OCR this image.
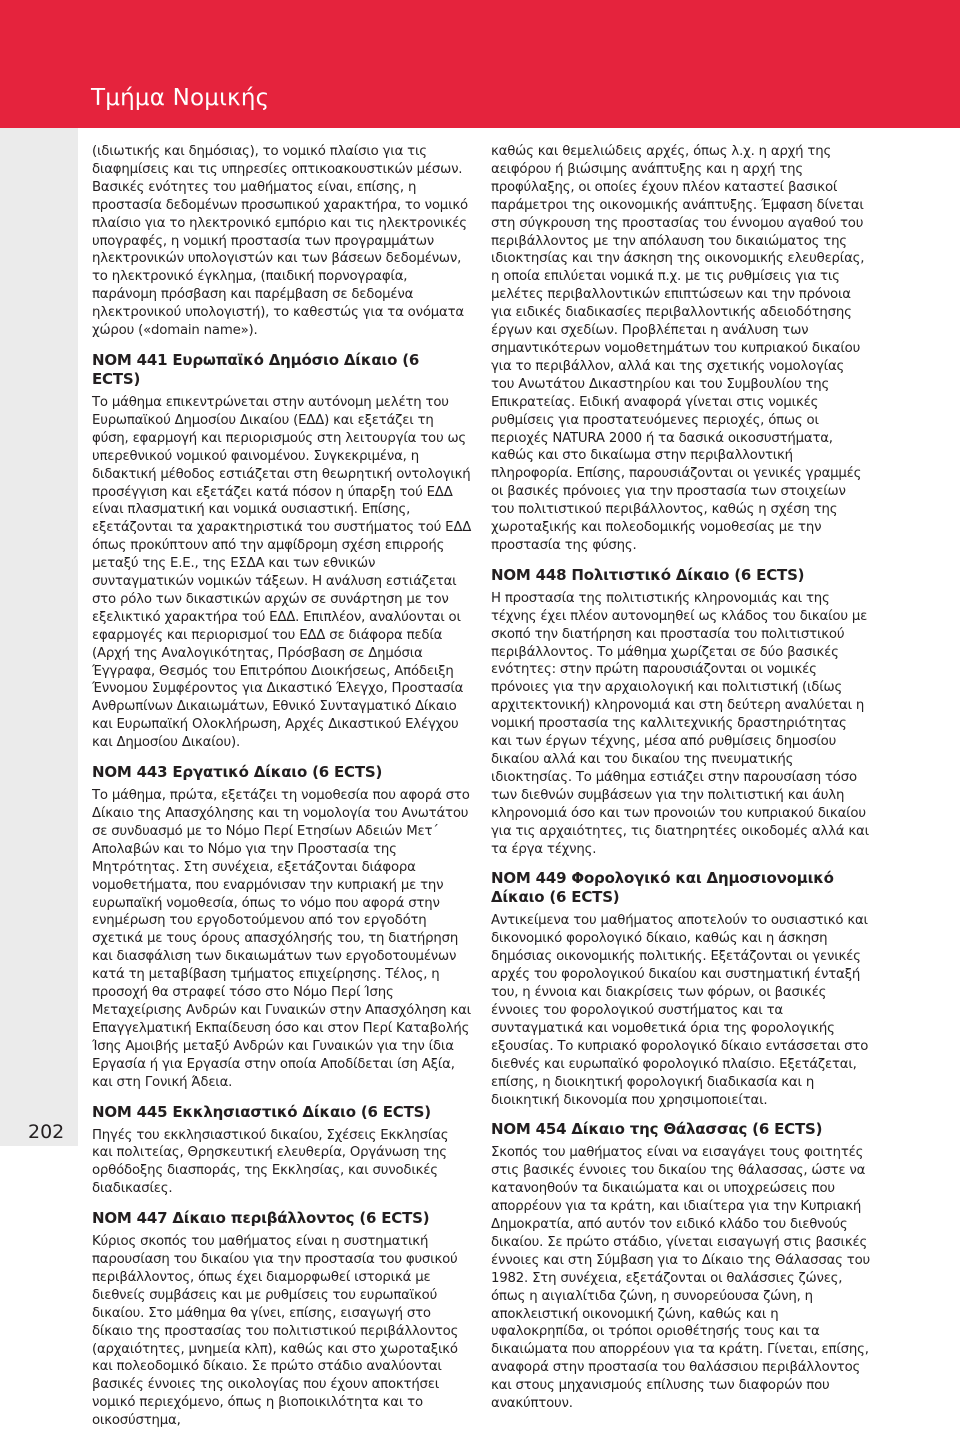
Τμήμα Νομικής
202

(ιδιωτικής και δημόσιας), το νομικό πλαίσιο για τις διαφημίσεις και τις υπηρεσίες οπτικοακουστικών μέσων. Βασικές ενότητες του μαθήματος είναι, επίσης, η προστασία δεδομένων προσωπικού χαρακτήρα, το νομικό πλαίσιο για το ηλεκτρονικό εμπόριο και τις ηλεκτρονικές υπογραφές, η νομική προστασία των προγραμμάτων ηλεκτρονικών υπολογιστών και των βάσεων δεδομένων, το ηλεκτρονικό έγκλημα, (παιδική πορνογραφία, παράνομη πρόσβαση και παρέμβαση σε δεδομένα ηλεκτρονικού υπολογιστή), το καθεστώς για τα ονόματα χώρου («domain name»).

ΝΟΜ 441 Ευρωπαϊκό Δημόσιο Δίκαιο (6 ECTS)

Το μάθημα επικεντρώνεται στην αυτόνομη μελέτη του Ευρωπαϊκού Δημοσίου Δικαίου (ΕΔΔ) και εξετάζει τη φύση, εφαρμογή και περιορισμούς στη λειτουργία του ως υπερεθνικού νομικού φαινομένου. Συγκεκριμένα, η διδακτική μέθοδος εστιάζεται στη θεωρητική οντολογική προσέγγιση και εξετάζει κατά πόσον η ύπαρξη τού ΕΔΔ είναι πλασματική και νομικά ουσιαστική. Επίσης, εξετάζονται τα χαρακτηριστικά του συστήματος τού ΕΔΔ όπως προκύπτουν από την αμφίδρομη σχέση επιρροής μεταξύ της Ε.Ε., της ΕΣΔΑ και των εθνικών συνταγματικών νομικών τάξεων. Η ανάλυση εστιάζεται στο ρόλο των δικαστικών αρχών σε συνάρτηση με τον εξελικτικό χαρακτήρα τού ΕΔΔ. Επιπλέον, αναλύονται οι εφαρμογές και περιορισμοί του ΕΔΔ σε διάφορα πεδία (Αρχή της Αναλογικότητας, Πρόσβαση σε Δημόσια Έγγραφα, Θεσμός του Επιτρόπου Διοικήσεως, Απόδειξη Έννομου Συμφέροντος για Δικαστικό Έλεγχο, Προστασία Ανθρωπίνων Δικαιωμάτων, Εθνικό Συνταγματικό Δίκαιο και Ευρωπαϊκή Ολοκλήρωση, Αρχές Δικαστικού Ελέγχου και Δημοσίου Δικαίου).

ΝΟΜ 443 Εργατικό Δίκαιο (6 ECTS)

Το μάθημα, πρώτα, εξετάζει τη νομοθεσία που αφορά στο Δίκαιο της Απασχόλησης και τη νομολογία του Ανωτάτου σε συνδυασμό με το Νόμο Περί Ετησίων Αδειών Μετ΄ Απολαβών και το Νόμο για την Προστασία της Μητρότητας. Στη συνέχεια, εξετάζονται διάφορα νομοθετήματα, που εναρμόνισαν την κυπριακή με την ευρωπαϊκή νομοθεσία, όπως το νόμο που αφορά στην ενημέρωση του εργοδοτούμενου από τον εργοδότη σχετικά με τους όρους απασχόλησής του, τη διατήρηση και διασφάλιση των δικαιωμάτων των εργοδοτουμένων κατά τη μεταβίβαση τμήματος επιχείρησης. Τέλος, η προσοχή θα στραφεί τόσο στο Νόμο Περί Ίσης Μεταχείρισης Ανδρών και Γυναικών στην Απασχόληση και Επαγγελματική Εκπαίδευση όσο και στον Περί Καταβολής Ίσης Αμοιβής μεταξύ Ανδρών και Γυναικών για την ίδια Εργασία ή για Εργασία στην οποία Αποδίδεται ίση Αξία, και στη Γονική Άδεια.

ΝΟΜ 445 Εκκλησιαστικό Δίκαιο (6 ECTS)

Πηγές του εκκλησιαστικού δικαίου, Σχέσεις Εκκλησίας και πολιτείας, Θρησκευτική ελευθερία, Οργάνωση της ορθόδοξης διασποράς, της Εκκλησίας, και συνοδικές διαδικασίες.

ΝΟΜ 447 Δίκαιο περιβάλλοντος (6 ECTS)

Κύριος σκοπός του μαθήματος είναι η συστηματική παρουσίαση του δικαίου για την προστασία του φυσικού περιβάλλοντος, όπως έχει διαμορφωθεί ιστορικά με διεθνείς συμβάσεις και με ρυθμίσεις του ευρωπαϊκού δικαίου. Στο μάθημα θα γίνει, επίσης, εισαγωγή στο δίκαιο της προστασίας του πολιτιστικού περιβάλλοντος (αρχαιότητες, μνημεία κλπ), καθώς και στο χωροταξικό και πολεοδομικό δίκαιο. Σε πρώτο στάδιο αναλύονται βασικές έννοιες της οικολογίας που έχουν αποκτήσει νομικό περιεχόμενο, όπως η βιοποικιλότητα και το οικοσύστημα,

καθώς και θεμελιώδεις αρχές, όπως λ.χ. η αρχή της αειφόρου ή βιώσιμης ανάπτυξης και η αρχή της προφύλαξης, οι οποίες έχουν πλέον καταστεί βασικοί παράμετροι της οικονομικής ανάπτυξης. Έμφαση δίνεται στη σύγκρουση της προστασίας του έννομου αγαθού του περιβάλλοντος με την απόλαυση του δικαιώματος της ιδιοκτησίας και την άσκηση της οικονομικής ελευθερίας, η οποία επιλύεται νομικά π.χ. με τις ρυθμίσεις για τις μελέτες περιβαλλοντικών επιπτώσεων και την πρόνοια για ειδικές διαδικασίες περιβαλλοντικής αδειοδότησης έργων και σχεδίων. Προβλέπεται η ανάλυση των σημαντικότερων νομοθετημάτων του κυπριακού δικαίου για το περιβάλλον, αλλά και της σχετικής νομολογίας του Ανωτάτου Δικαστηρίου και του Συμβουλίου της Επικρατείας. Ειδική αναφορά γίνεται στις νομικές ρυθμίσεις για προστατευόμενες περιοχές, όπως οι περιοχές NATURA 2000 ή τα δασικά οικοσυστήματα, καθώς και στο δικαίωμα στην περιβαλλοντική πληροφορία. Επίσης, παρουσιάζονται οι γενικές γραμμές οι βασικές πρόνοιες για την προστασία των στοιχείων του πολιτιστικού περιβάλλοντος, καθώς η σχέση της χωροταξικής και πολεοδομικής νομοθεσίας με την προστασία της φύσης.

ΝΟΜ 448 Πολιτιστικό Δίκαιο (6 ECTS)

Η προστασία της πολιτιστικής κληρονομιάς και της τέχνης έχει πλέον αυτονομηθεί ως κλάδος του δικαίου με σκοπό την διατήρηση και προστασία του πολιτιστικού περιβάλλοντος. Το μάθημα χωρίζεται σε δύο βασικές ενότητες: στην πρώτη παρουσιάζονται οι νομικές πρόνοιες για την αρχαιολογική και πολιτιστική (ιδίως αρχιτεκτονική) κληρονομιά και στη δεύτερη αναλύεται η νομική προστασία της καλλιτεχνικής δραστηριότητας και των έργων τέχνης, μέσα από ρυθμίσεις δημοσίου δικαίου αλλά και του δικαίου της πνευματικής ιδιοκτησίας. Το μάθημα εστιάζει στην παρουσίαση τόσο των διεθνών συμβάσεων για την πολιτιστική και άυλη κληρονομιά όσο και των προνοιών του κυπριακού δικαίου για τις αρχαιότητες, τις διατηρητέες οικοδομές αλλά και τα έργα τέχνης.

ΝΟΜ 449 Φορολογικό και Δημοσιονομικό Δίκαιο (6 ECTS)

Αντικείμενα του μαθήματος αποτελούν το ουσιαστικό και δικονομικό φορολογικό δίκαιο, καθώς και η άσκηση δημόσιας οικονομικής πολιτικής. Εξετάζονται οι γενικές αρχές του φορολογικού δικαίου και συστηματική ένταξή του, η έννοια και διακρίσεις των φόρων, οι βασικές έννοιες του φορολογικού συστήματος και τα συνταγματικά και νομοθετικά όρια της φορολογικής εξουσίας. Το κυπριακό φορολογικό δίκαιο εντάσσεται στο διεθνές και ευρωπαϊκό φορολογικό πλαίσιο. Εξετάζεται, επίσης, η διοικητική φορολογική διαδικασία και η διοικητική δικονομία που χρησιμοποιείται.

ΝΟΜ 454 Δίκαιο της Θάλασσας (6 ECTS)

Σκοπός του μαθήματος είναι να εισαγάγει τους φοιτητές στις βασικές έννοιες του δικαίου της θάλασσας, ώστε να κατανοηθούν τα δικαιώματα και οι υποχρεώσεις που απορρέουν για τα κράτη, και ιδιαίτερα για την Κυπριακή Δημοκρατία, από αυτόν τον ειδικό κλάδο του διεθνούς δικαίου. Σε πρώτο στάδιο, γίνεται εισαγωγή στις βασικές έννοιες και στη Σύμβαση για το Δίκαιο της Θάλασσας του 1982. Στη συνέχεια, εξετάζονται οι θαλάσσιες ζώνες, όπως η αιγιαλίτιδα ζώνη, η συνορεύουσα ζώνη, η αποκλειστική οικονομική ζώνη, καθώς και η υφαλοκρηπίδα, οι τρόποι οριοθέτησής τους και τα δικαιώματα που απορρέουν για τα κράτη. Γίνεται, επίσης, αναφορά στην προστασία του θαλάσσιου περιβάλλοντος και στους μηχανισμούς επίλυσης των διαφορών που ανακύπτουν.
